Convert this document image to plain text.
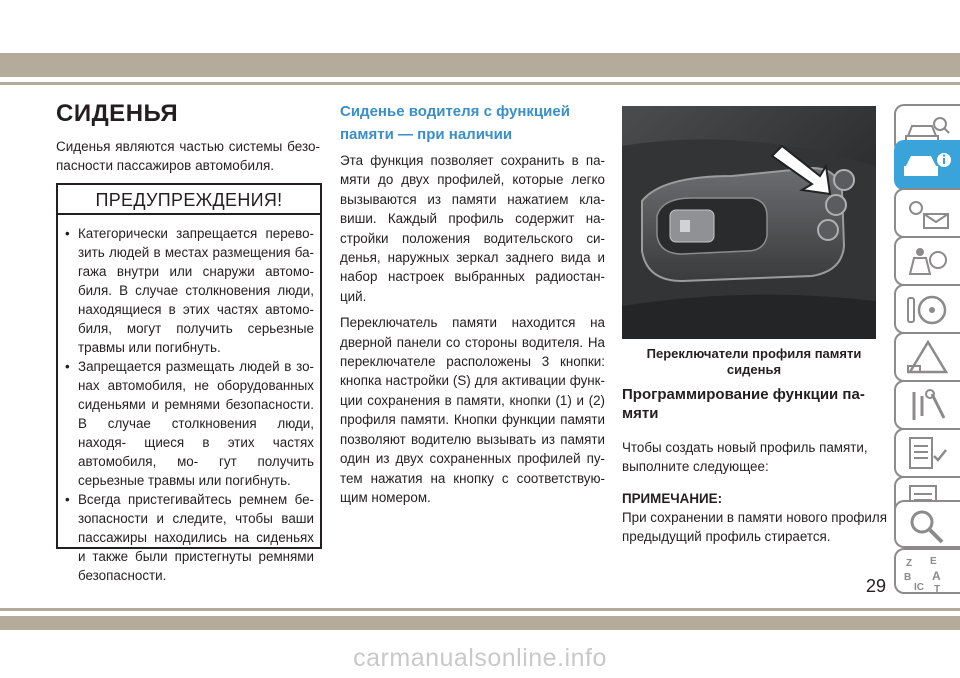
СИДЕНЬЯ

Сиденья являются частью системы безо- пасности пассажиров автомобиля.

ПРЕДУПРЕЖДЕНИЯ!
• Категорически запрещается перево- зить людей в местах размещения ба- гажа внутри или снаружи автомо- биля. В случае столкновения люди, находящиеся в этих частях автомо- биля, могут получить серьезные травмы или погибнуть.
• Запрещается размещать людей в зо- нах автомобиля, не оборудованных сиденьями и ремнями безопасности. В случае столкновения люди, находя- щиеся в этих частях автомобиля, мо- гут получить серьезные травмы или погибнуть.
• Всегда пристегивайтесь ремнем бе- зопасности и следите, чтобы ваши пассажиры находились на сиденьях и также были пристегнуты ремнями безопасности.
Сиденье водителя с функцией
памяти — при наличии

Эта функция позволяет сохранить в па- мяти до двух профилей, которые легко вызываются из памяти нажатием кла- виши. Каждый профиль содержит на- стройки положения водительского си- денья, наружных зеркал заднего вида и набор настроек выбранных радиостан- ций.

Переключатель памяти находится на дверной панели со стороны водителя. На переключателе расположены 3 кнопки: кнопка настройки (S) для активации функ- ции сохранения в памяти, кнопки (1) и (2) профиля памяти. Кнопки функции памяти позволяют водителю вызывать из памяти один из двух сохраненных профилей пу- тем нажатия на кнопку с соответствую- щим номером.

Переключатели профиля памяти
сиденья
Программирование функции па-
мяти

Чтобы создать новый профиль памяти,
выполните следующее:

ПРИМЕЧАНИЕ:

При сохранении в памяти нового профиля
предыдущий профиль стирается.

Z E
B A
IC T
29
carmanualsonline.info
